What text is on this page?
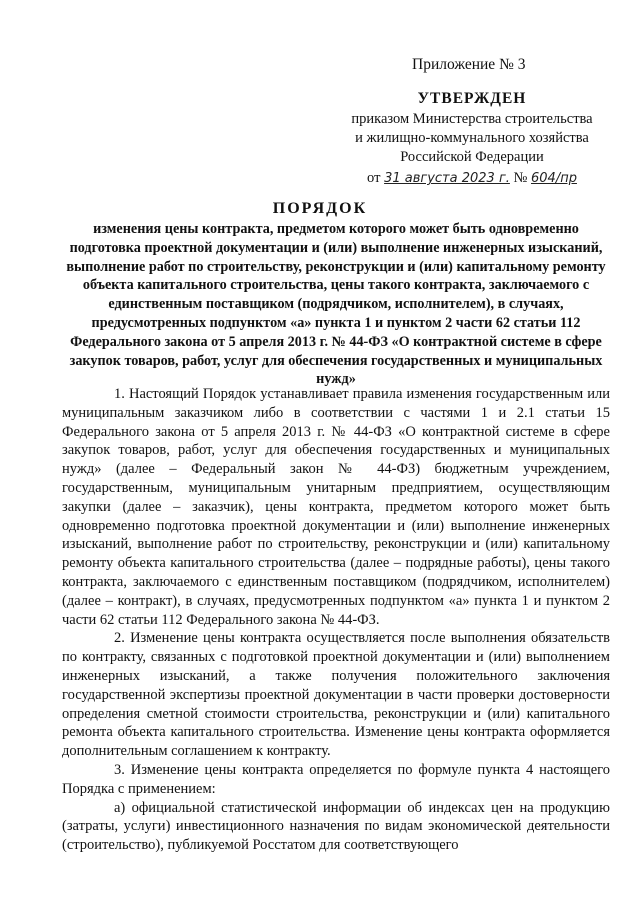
Приложение № 3
УТВЕРЖДЕН
приказом Министерства строительства
и жилищно-коммунального хозяйства
Российской Федерации
от 31 августа 2023 г. № 604/пр
ПОРЯДОК
изменения цены контракта, предметом которого может быть одновременно подготовка проектной документации и (или) выполнение инженерных изысканий, выполнение работ по строительству, реконструкции и (или) капитальному ремонту объекта капитального строительства, цены такого контракта, заключаемого с единственным поставщиком (подрядчиком, исполнителем), в случаях, предусмотренных подпунктом «а» пункта 1 и пунктом 2 части 62 статьи 112 Федерального закона от 5 апреля 2013 г. № 44-ФЗ «О контрактной системе в сфере закупок товаров, работ, услуг для обеспечения государственных и муниципальных нужд»

1. Настоящий Порядок устанавливает правила изменения государственным или муниципальным заказчиком либо в соответствии с частями 1 и 2.1 статьи 15 Федерального закона от 5 апреля 2013 г. № 44-ФЗ «О контрактной системе в сфере закупок товаров, работ, услуг для обеспечения государственных и муниципальных нужд» (далее – Федеральный закон № 44-ФЗ) бюджетным учреждением, государственным, муниципальным унитарным предприятием, осуществляющим закупки (далее – заказчик), цены контракта, предметом которого может быть одновременно подготовка проектной документации и (или) выполнение инженерных изысканий, выполнение работ по строительству, реконструкции и (или) капитальному ремонту объекта капитального строительства (далее – подрядные работы), цены такого контракта, заключаемого с единственным поставщиком (подрядчиком, исполнителем) (далее – контракт), в случаях, предусмотренных подпунктом «а» пункта 1 и пунктом 2 части 62 статьи 112 Федерального закона № 44-ФЗ.

2. Изменение цены контракта осуществляется после выполнения обязательств по контракту, связанных с подготовкой проектной документации и (или) выполнением инженерных изысканий, а также получения положительного заключения государственной экспертизы проектной документации в части проверки достоверности определения сметной стоимости строительства, реконструкции и (или) капитального ремонта объекта капитального строительства. Изменение цены контракта оформляется дополнительным соглашением к контракту.

3. Изменение цены контракта определяется по формуле пункта 4 настоящего Порядка с применением:

а) официальной статистической информации об индексах цен на продукцию (затраты, услуги) инвестиционного назначения по видам экономической деятельности (строительство), публикуемой Росстатом для соответствующего
